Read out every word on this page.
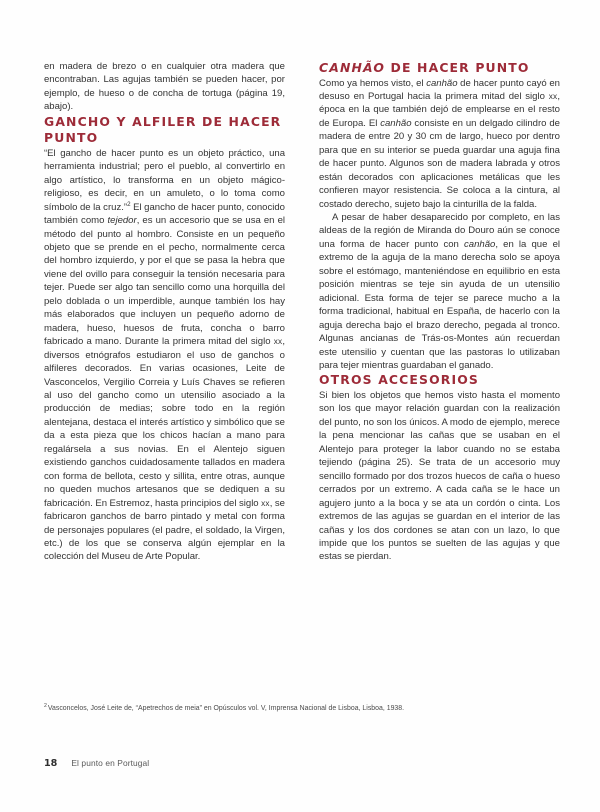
en madera de brezo o en cualquier otra madera que encontraban. Las agujas también se pueden hacer, por ejemplo, de hueso o de concha de tortuga (página 19, abajo).

GANCHO Y ALFILER DE HACER PUNTO

“El gancho de hacer punto es un objeto práctico, una herramienta industrial; pero el pueblo, al convertirlo en algo artístico, lo transforma en un objeto mágico-religioso, es decir, en un amuleto, o lo toma como símbolo de la cruz.”$^2$ El gancho de hacer punto, conocido también como tejedor, es un accesorio que se usa en el método del punto al hombro. Consiste en un pequeño objeto que se prende en el pecho, normalmente cerca del hombro izquierdo, y por el que se pasa la hebra que viene del ovillo para conseguir la tensión necesaria para tejer. Puede ser algo tan sencillo como una horquilla del pelo doblada o un imperdible, aunque también los hay más elaborados que incluyen un pequeño adorno de madera, hueso, huesos de fruta, concha o barro fabricado a mano. Durante la primera mitad del siglo xx, diversos etnógrafos estudiaron el uso de ganchos o alfileres decorados. En varias ocasiones, Leite de Vasconcelos, Vergilio Correia y Luís Chaves se refieren al uso del gancho como un utensilio asociado a la producción de medias; sobre todo en la región alentejana, destaca el interés artístico y simbólico que se da a esta pieza que los chicos hacían a mano para regalársela a sus novias. En el Alentejo siguen existiendo ganchos cuidadosamente tallados en madera con forma de bellota, cesto y sillita, entre otras, aunque no queden muchos artesanos que se dediquen a su fabricación. En Estremoz, hasta principios del siglo xx, se fabricaron ganchos de barro pintado y metal con forma de personajes populares (el padre, el soldado, la Virgen, etc.) de los que se conserva algún ejemplar en la colección del Museu de Arte Popular.

CANHÃO DE HACER PUNTO

Como ya hemos visto, el canhão de hacer punto cayó en desuso en Portugal hacia la primera mitad del siglo xx, época en la que también dejó de emplearse en el resto de Europa. El canhão consiste en un delgado cilindro de madera de entre 20 y 30 cm de largo, hueco por dentro para que en su interior se pueda guardar una aguja fina de hacer punto. Algunos son de madera labrada y otros están decorados con aplicaciones metálicas que les confieren mayor resistencia. Se coloca a la cintura, al costado derecho, sujeto bajo la cinturilla de la falda.

A pesar de haber desaparecido por completo, en las aldeas de la región de Miranda do Douro aún se conoce una forma de hacer punto con canhão, en la que el extremo de la aguja de la mano derecha solo se apoya sobre el estómago, manteniéndose en equilibrio en esta posición mientras se teje sin ayuda de un utensilio adicional. Esta forma de tejer se parece mucho a la forma tradicional, habitual en España, de hacerlo con la aguja derecha bajo el brazo derecho, pegada al tronco. Algunas ancianas de Trás-os-Montes aún recuerdan este utensilio y cuentan que las pastoras lo utilizaban para tejer mientras guardaban el ganado.

OTROS ACCESORIOS

Si bien los objetos que hemos visto hasta el momento son los que mayor relación guardan con la realización del punto, no son los únicos. A modo de ejemplo, merece la pena mencionar las cañas que se usaban en el Alentejo para proteger la labor cuando no se estaba tejiendo (página 25). Se trata de un accesorio muy sencillo formado por dos trozos huecos de caña o hueso cerrados por un extremo. A cada caña se le hace un agujero junto a la boca y se ata un cordón o cinta. Los extremos de las agujas se guardan en el interior de las cañas y los dos cordones se atan con un lazo, lo que impide que los puntos se suelten de las agujas y que estas se pierdan.

$^2$Vasconcelos, José Leite de, “Apetrechos de meia” en Opúsculos vol. V, Imprensa Nacional de Lisboa, Lisboa, 1938.
18 El punto en Portugal
